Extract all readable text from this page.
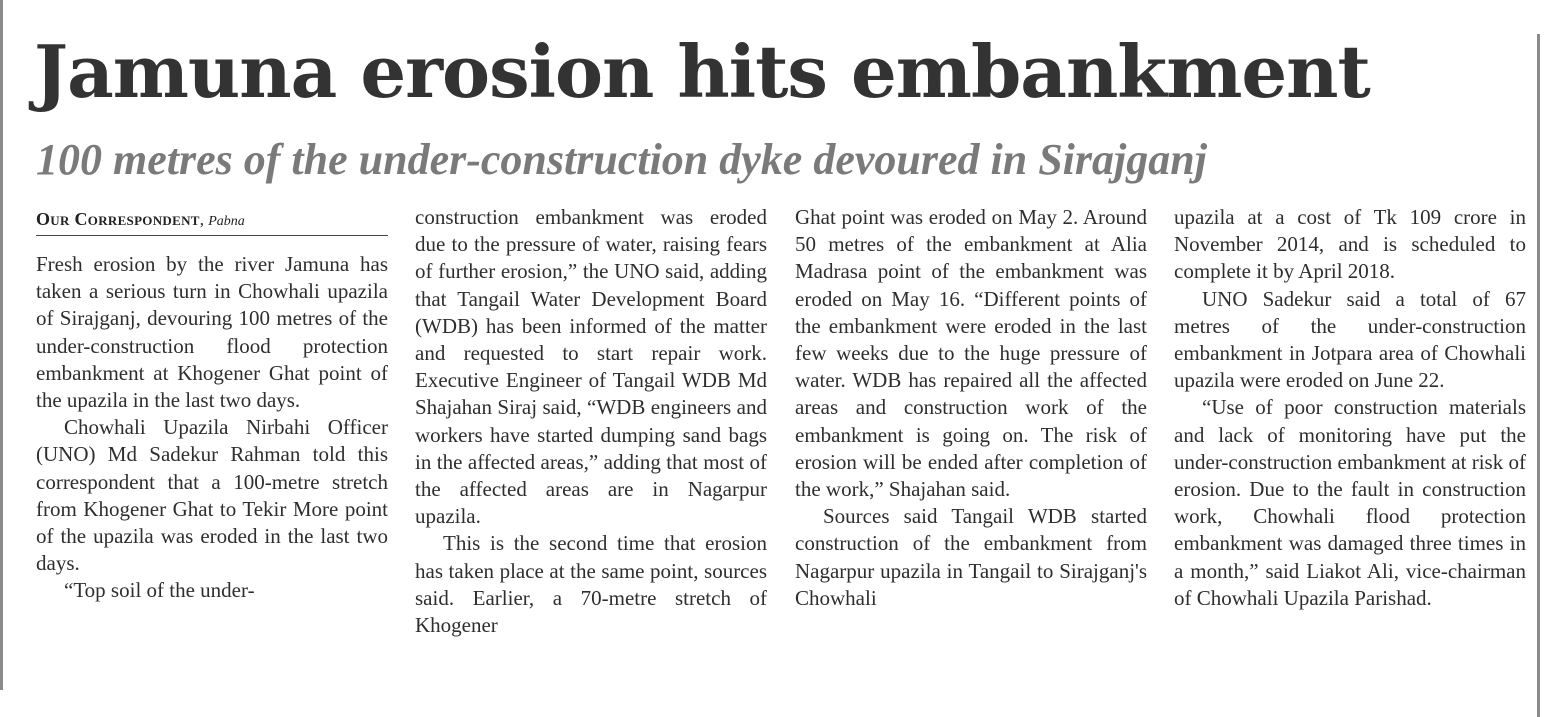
Jamuna erosion hits embankment
100 metres of the under-construction dyke devoured in Sirajganj
Our Correspondent, Pabna

Fresh erosion by the river Jamuna has taken a serious turn in Chowhali upazila of Sirajganj, devouring 100 metres of the under-construction flood protection embankment at Khogener Ghat point of the upazila in the last two days.

Chowhali Upazila Nirbahi Officer (UNO) Md Sadekur Rahman told this correspondent that a 100-metre stretch from Khogener Ghat to Tekir More point of the upazila was eroded in the last two days.

“Top soil of the under-

construction embankment was eroded due to the pressure of water, raising fears of further erosion,” the UNO said, adding that Tangail Water Development Board (WDB) has been informed of the matter and requested to start repair work. Executive Engineer of Tangail WDB Md Shajahan Siraj said, “WDB engineers and workers have started dumping sand bags in the affected areas,” adding that most of the affected areas are in Nagarpur upazila.

This is the second time that erosion has taken place at the same point, sources said. Earlier, a 70-metre stretch of Khogener

Ghat point was eroded on May 2. Around 50 metres of the embankment at Alia Madrasa point of the embankment was eroded on May 16. “Different points of the embankment were eroded in the last few weeks due to the huge pressure of water. WDB has repaired all the affected areas and construction work of the embankment is going on. The risk of erosion will be ended after completion of the work,” Shajahan said.

Sources said Tangail WDB started construction of the embankment from Nagarpur upazila in Tangail to Sirajganj's Chowhali

upazila at a cost of Tk 109 crore in November 2014, and is scheduled to complete it by April 2018.

UNO Sadekur said a total of 67 metres of the under-construction embankment in Jotpara area of Chowhali upazila were eroded on June 22.

“Use of poor construction materials and lack of monitoring have put the under-construction embankment at risk of erosion. Due to the fault in construction work, Chowhali flood protection embankment was damaged three times in a month,” said Liakot Ali, vice-chairman of Chowhali Upazila Parishad.
